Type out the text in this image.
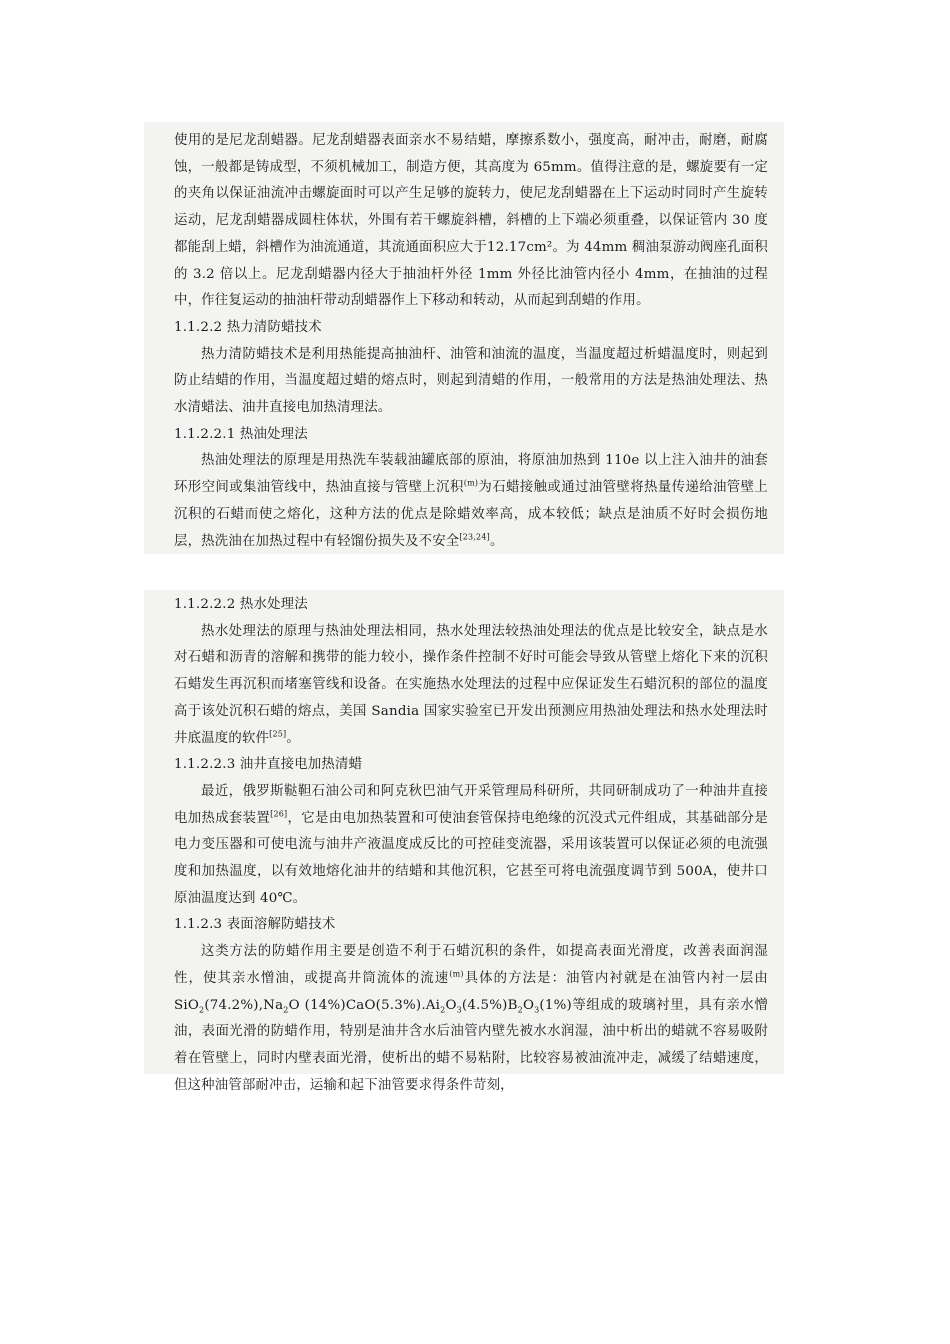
使用的是尼龙刮蜡器。尼龙刮蜡器表面亲水不易结蜡，摩擦系数小，强度高，耐冲击，耐磨，耐腐蚀，一般都是铸成型，不须机械加工，制造方便，其高度为 65mm。值得注意的是，螺旋要有一定的夹角以保证油流冲击螺旋面时可以产生足够的旋转力，使尼龙刮蜡器在上下运动时同时产生旋转运动，尼龙刮蜡器成圆柱体状，外围有若干螺旋斜槽，斜槽的上下端必须重叠，以保证管内 30 度都能刮上蜡，斜槽作为油流通道，其流通面积应大于12.17cm²。为 44mm 稠油泵游动阀座孔面积的 3.2 倍以上。尼龙刮蜡器内径大于抽油杆外径 1mm 外径比油管内径小 4mm，在抽油的过程中，作往复运动的抽油杆带动刮蜡器作上下移动和转动，从而起到刮蜡的作用。

1.1.2.2 热力清防蜡技术

热力清防蜡技术是利用热能提高抽油杆、油管和油流的温度，当温度超过析蜡温度时，则起到防止结蜡的作用，当温度超过蜡的熔点时，则起到清蜡的作用，一般常用的方法是热油处理法、热水清蜡法、油井直接电加热清理法。

1.1.2.2.1 热油处理法

热油处理法的原理是用热洗车装载油罐底部的原油，将原油加热到 110e 以上注入油井的油套环形空间或集油管线中，热油直接与管壁上沉积$^{(m)}$为石蜡接触或通过油管壁将热量传递给油管壁上沉积的石蜡而使之熔化，这种方法的优点是除蜡效率高，成本较低；缺点是油质不好时会损伤地层，热洗油在加热过程中有轻馏份损失及不安全[23,24]。

1.1.2.2.2 热水处理法

热水处理法的原理与热油处理法相同，热水处理法较热油处理法的优点是比较安全，缺点是水对石蜡和沥青的溶解和携带的能力较小，操作条件控制不好时可能会导致从管壁上熔化下来的沉积石蜡发生再沉积而堵塞管线和设备。在实施热水处理法的过程中应保证发生石蜡沉积的部位的温度高于该处沉积石蜡的熔点，美国 Sandia 国家实验室已开发出预测应用热油处理法和热水处理法时井底温度的软件[25]。

1.1.2.2.3 油井直接电加热清蜡

最近，俄罗斯鞑靼石油公司和阿克秋巴油气开采管理局科研所，共同研制成功了一种油井直接电加热成套装置[26]，它是由电加热装置和可使油套管保持电绝缘的沉没式元件组成，其基础部分是电力变压器和可使电流与油井产液温度成反比的可控硅变流器，采用该装置可以保证必须的电流强度和加热温度，以有效地熔化油井的结蜡和其他沉积，它甚至可将电流强度调节到 500A，使井口原油温度达到 40℃。

1.1.2.3 表面溶解防蜡技术

这类方法的防蜡作用主要是创造不利于石蜡沉积的条件，如提高表面光滑度，改善表面润湿性，使其亲水憎油，或提高井筒流体的流速$^{(m)}$具体的方法是：油管内衬就是在油管内衬一层由 $SiO_2(74.2\%),Na_2O$ $(14\%)CaO(5.3\%).Ai_2O_3(4.5\%)B_2O_3(1\%)$等组成的玻璃衬里，具有亲水憎油，表面光滑的防蜡作用，特别是油井含水后油管内壁先被水水润湿，油中析出的蜡就不容易吸附着在管壁上，同时内壁表面光滑，使析出的蜡不易粘附，比较容易被油流冲走，减缓了结蜡速度，但这种油管部耐冲击，运输和起下油管要求得条件苛刻，
